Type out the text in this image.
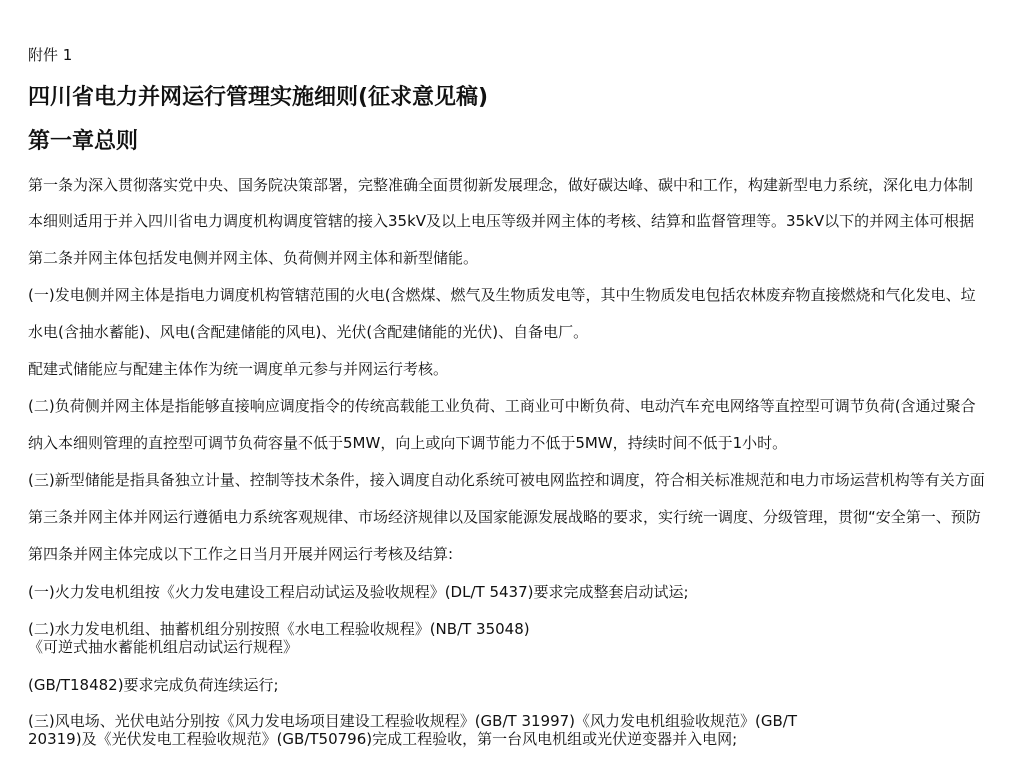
附件 1
四川省电力并网运行管理实施细则(征求意见稿)
第一章总则
第一条为深入贯彻落实党中央、国务院决策部署，完整准确全面贯彻新发展理念，做好碳达峰、碳中和工作，构建新型电力系统，深化电力体制
本细则适用于并入四川省电力调度机构调度管辖的接入35kV及以上电压等级并网主体的考核、结算和监督管理等。35kV以下的并网主体可根据
第二条并网主体包括发电侧并网主体、负荷侧并网主体和新型储能。
(一)发电侧并网主体是指电力调度机构管辖范围的火电(含燃煤、燃气及生物质发电等，其中生物质发电包括农林废弃物直接燃烧和气化发电、垃
水电(含抽水蓄能)、风电(含配建储能的风电)、光伏(含配建储能的光伏)、自备电厂。
配建式储能应与配建主体作为统一调度单元参与并网运行考核。
(二)负荷侧并网主体是指能够直接响应调度指令的传统高载能工业负荷、工商业可中断负荷、电动汽车充电网络等直控型可调节负荷(含通过聚合
纳入本细则管理的直控型可调节负荷容量不低于5MW，向上或向下调节能力不低于5MW，持续时间不低于1小时。
(三)新型储能是指具备独立计量、控制等技术条件，接入调度自动化系统可被电网监控和调度，符合相关标准规范和电力市场运营机构等有关方面
第三条并网主体并网运行遵循电力系统客观规律、市场经济规律以及国家能源发展战略的要求，实行统一调度、分级管理，贯彻“安全第一、预防
第四条并网主体完成以下工作之日当月开展并网运行考核及结算:
(一)火力发电机组按《火力发电建设工程启动试运及验收规程》(DL/T 5437)要求完成整套启动试运;
(二)水力发电机组、抽蓄机组分别按照《水电工程验收规程》(NB/T 35048)《可逆式抽水蓄能机组启动试运行规程》
(GB/T18482)要求完成负荷连续运行;
(三)风电场、光伏电站分别按《风力发电场项目建设工程验收规程》(GB/T 31997)《风力发电机组验收规范》(GB/T 20319)及《光伏发电工程验收规范》(GB/T50796)完成工程验收，第一台风电机组或光伏逆变器并入电网;
